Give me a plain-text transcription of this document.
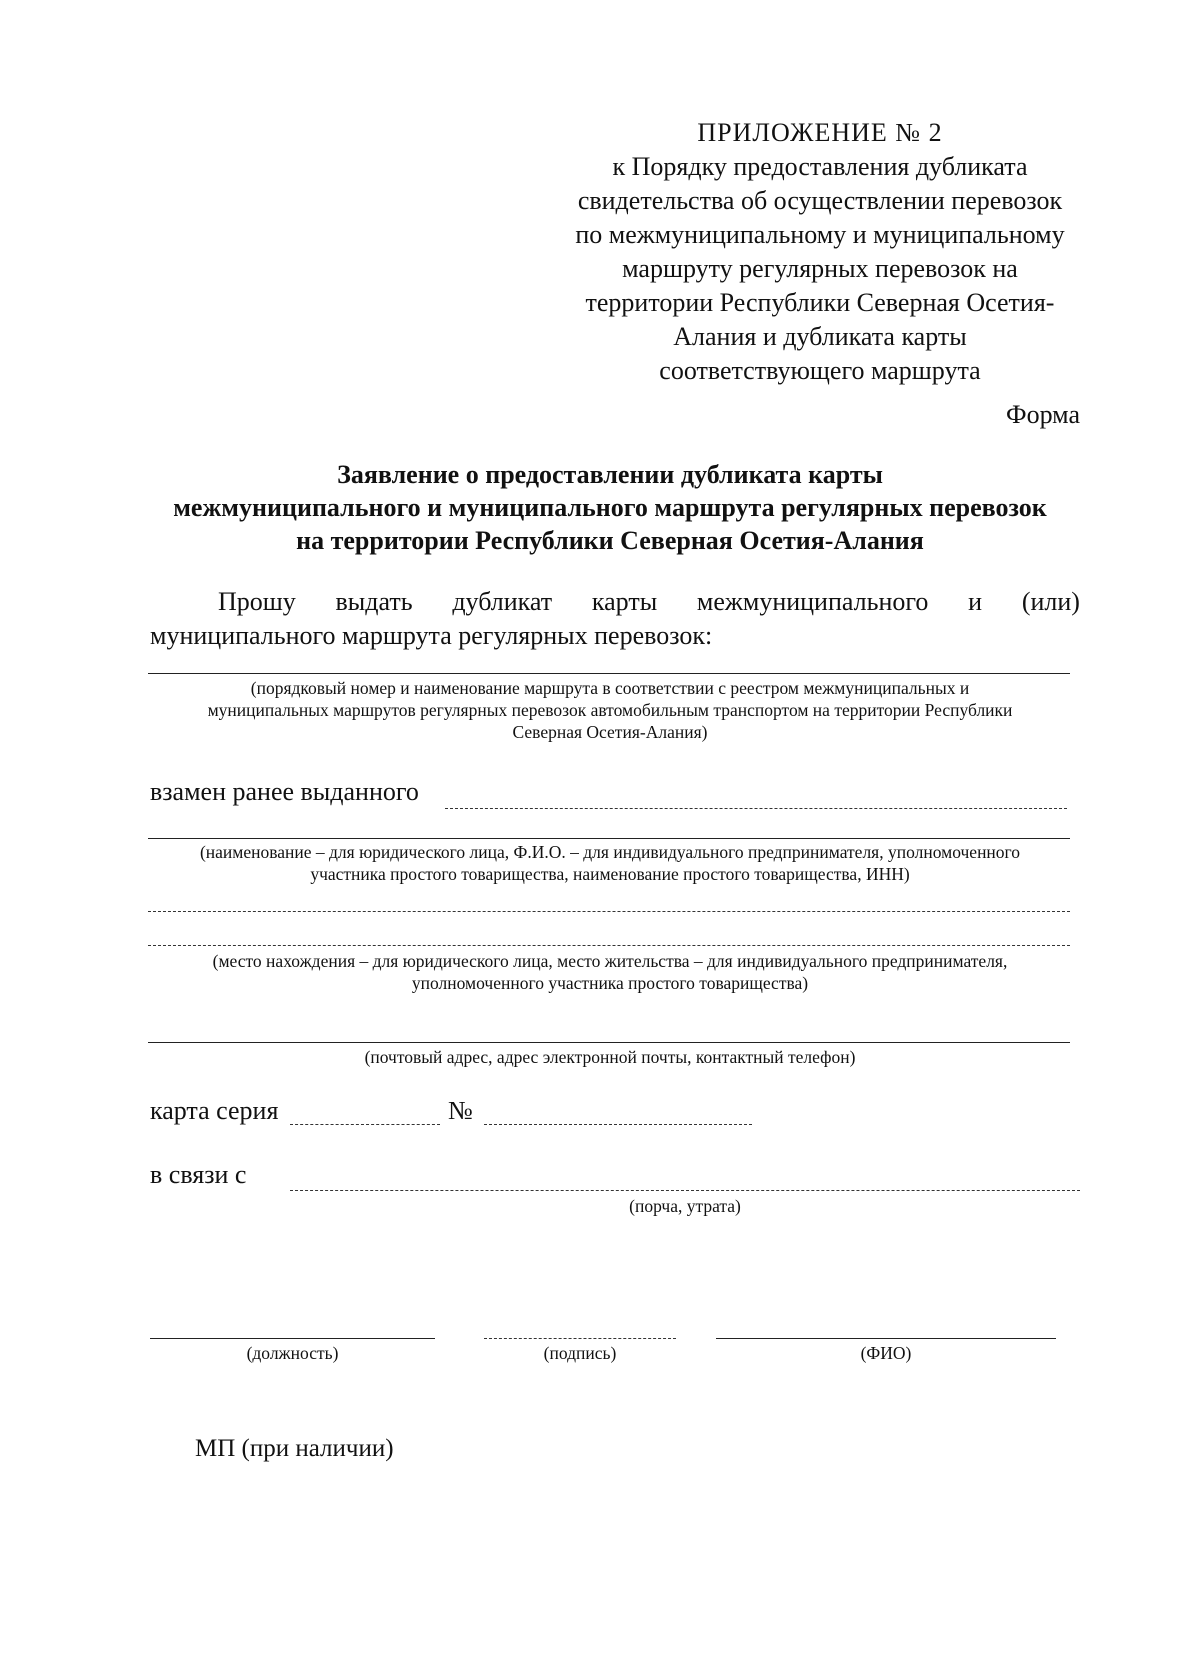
ПРИЛОЖЕНИЕ № 2
к Порядку предоставления дубликата
свидетельства об осуществлении перевозок
по межмуниципальному и муниципальному
маршруту регулярных перевозок на
территории Республики Северная Осетия-
Алания и дубликата карты
соответствующего маршрута
Форма
Заявление о предоставлении дубликата карты
межмуниципального и муниципального маршрута регулярных перевозок
на территории Республики Северная Осетия-Алания
Прошу выдать дубликат карты межмуниципального и (или)
муниципального маршрута регулярных перевозок:
(порядковый номер и наименование маршрута в соответствии с реестром межмуниципальных и
муниципальных маршрутов регулярных перевозок автомобильным транспортом на территории Республики
Северная Осетия-Алания)
взамен ранее выданного
(наименование – для юридического лица, Ф.И.О. – для индивидуального предпринимателя, уполномоченного
участника простого товарищества, наименование простого товарищества, ИНН)
(место нахождения – для юридического лица, место жительства – для индивидуального предпринимателя,
уполномоченного участника простого товарищества)
(почтовый адрес, адрес электронной почты, контактный телефон)
карта серия	№
в связи с
(порча, утрата)
(должность)	(подпись)	(ФИО)
МП (при наличии)
